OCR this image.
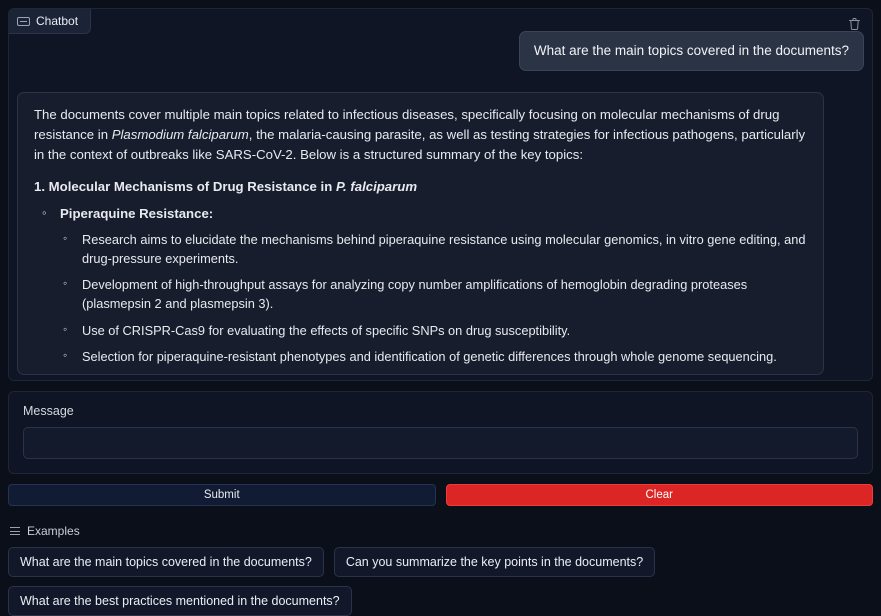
Chatbot
What are the main topics covered in the documents?

The documents cover multiple main topics related to infectious diseases, specifically focusing on molecular mechanisms of drug resistance in Plasmodium falciparum, the malaria-causing parasite, as well as testing strategies for infectious pathogens, particularly in the context of outbreaks like SARS-CoV-2. Below is a structured summary of the key topics:

1. Molecular Mechanisms of Drug Resistance in P. falciparum
◦ Piperaquine Resistance:
◦ Research aims to elucidate the mechanisms behind piperaquine resistance using molecular genomics, in vitro gene editing, and drug-pressure experiments.
◦ Development of high-throughput assays for analyzing copy number amplifications of hemoglobin degrading proteases (plasmepsin 2 and plasmepsin 3).
◦ Use of CRISPR-Cas9 for evaluating the effects of specific SNPs on drug susceptibility.
◦ Selection for piperaquine-resistant phenotypes and identification of genetic differences through whole genome sequencing.
Message
Submit	Clear
Examples
What are the main topics covered in the documents?	Can you summarize the key points in the documents?
What are the best practices mentioned in the documents?
